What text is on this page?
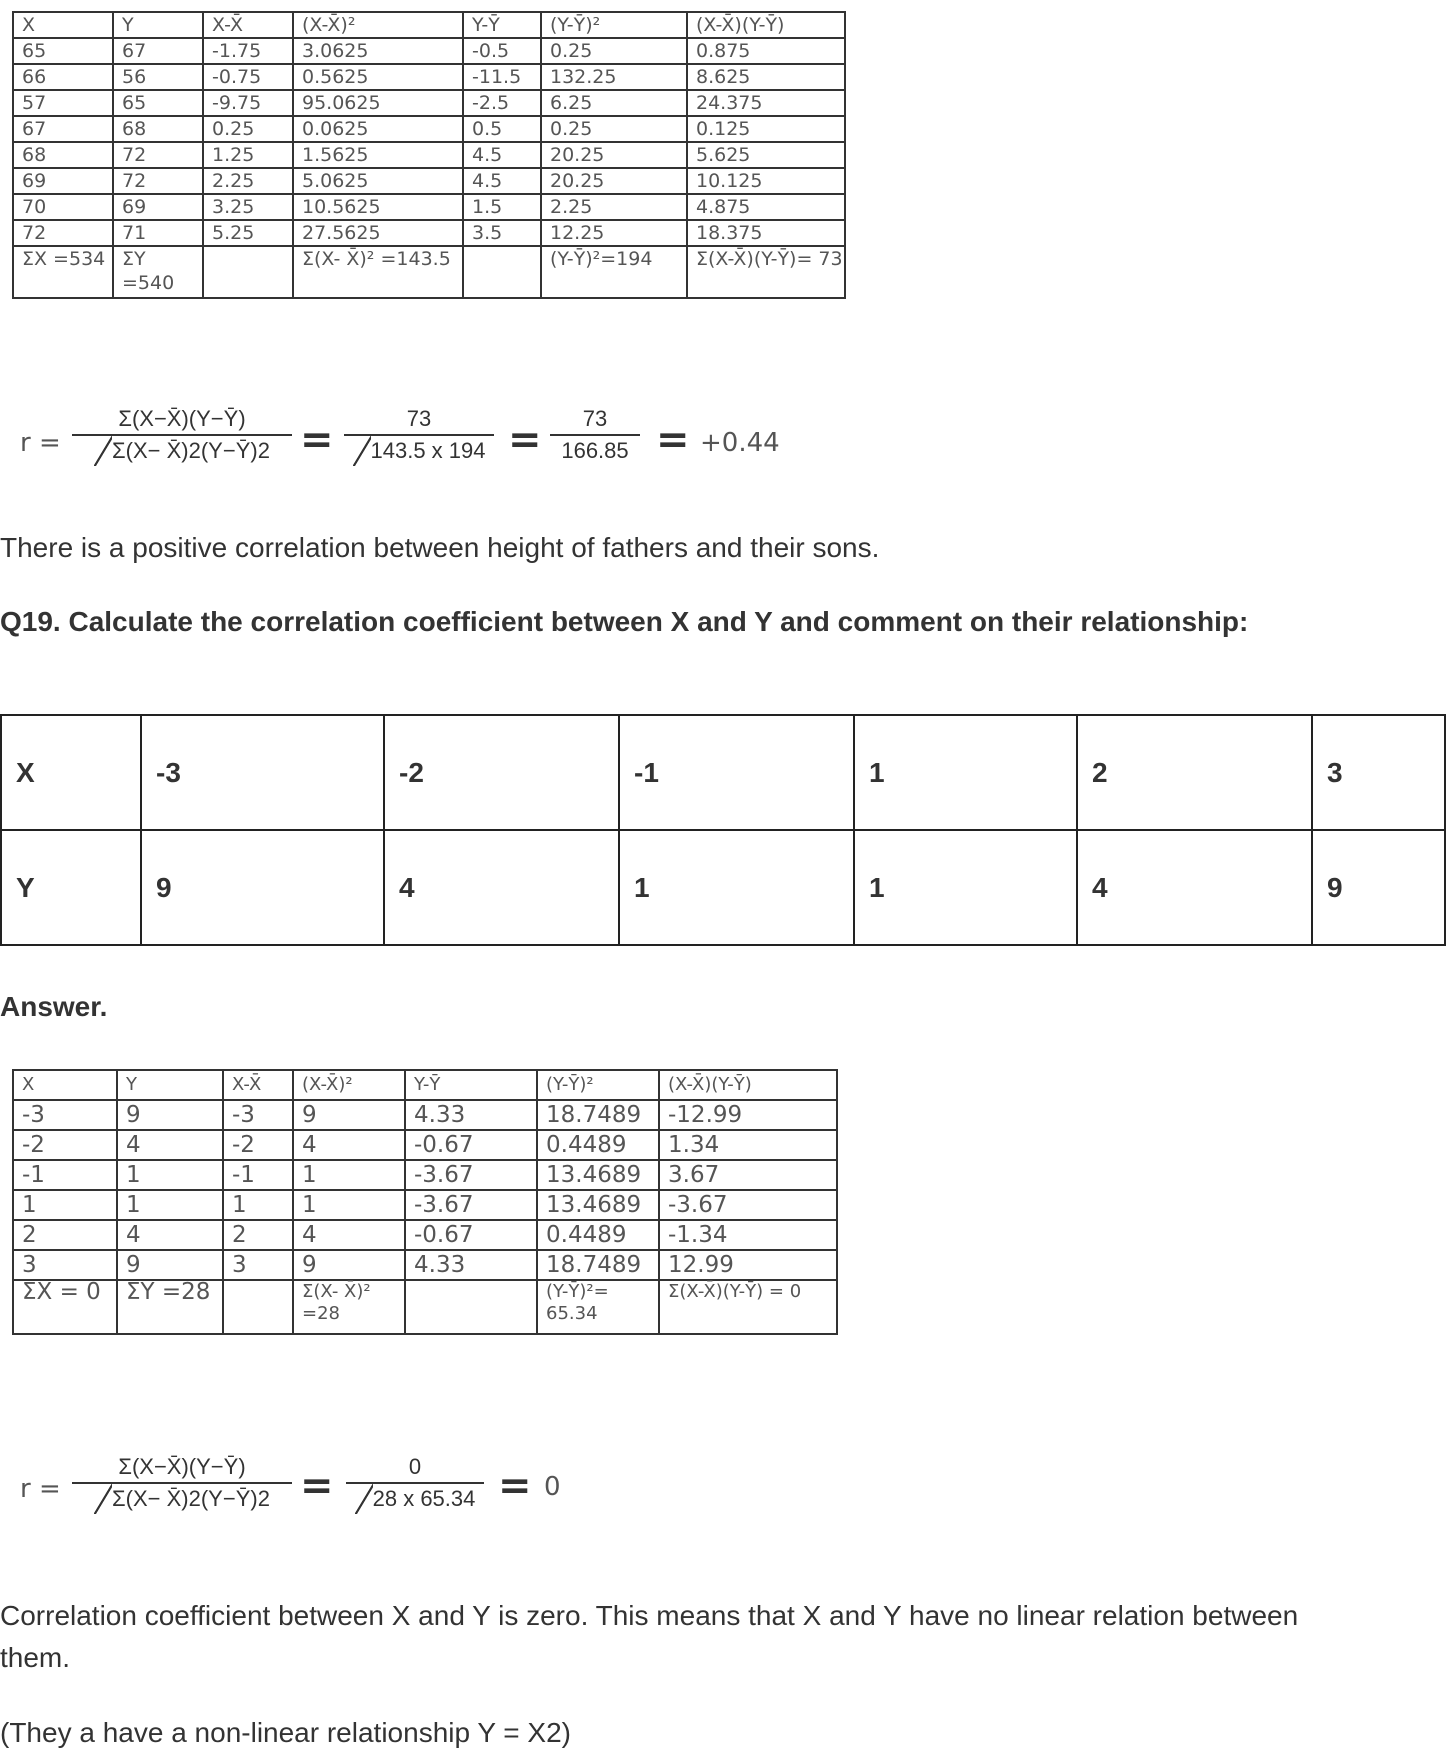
X	Y	X-X̄	(X-X̄)²	Y-Ȳ	(Y-Ȳ)²	(X-X̄)(Y-Ȳ)
65	67	-1.75	3.0625	-0.5	0.25	0.875
66	56	-0.75	0.5625	-11.5	132.25	8.625
57	65	-9.75	95.0625	-2.5	6.25	24.375
67	68	0.25	0.0625	0.5	0.25	0.125
68	72	1.25	1.5625	4.5	20.25	5.625
69	72	2.25	5.0625	4.5	20.25	10.125
70	69	3.25	10.5625	1.5	2.25	4.875
72	71	5.25	27.5625	3.5	12.25	18.375
ΣX =534	ΣY =540		Σ(X- X̄)² =143.5		(Y-Ȳ)²=194	Σ(X-X̄)(Y-Ȳ)= 73
r =
Σ(X−X̄)(Y−Ȳ)
Σ(X− X̄)2(Y−Ȳ)2 =	73
143.5 x 194 =	73
166.85 = +0.44
There is a positive correlation between height of fathers and their sons.
Q19. Calculate the correlation coefficient between X and Y and comment on their relationship:
X	-3	-2	-1	1	2	3
Y	9	4	1	1	4	9
Answer.
X	Y	X-X̄	(X-X̄)²	Y-Ȳ	(Y-Ȳ)²	(X-X̄)(Y-Ȳ)
-3	9	-3	9	4.33	18.7489	-12.99
-2	4	-2	4	-0.67	0.4489	1.34
-1	1	-1	1	-3.67	13.4689	3.67
1	1	1	1	-3.67	13.4689	-3.67
2	4	2	4	-0.67	0.4489	-1.34
3	9	3	9	4.33	18.7489	12.99
ΣX = 0	ΣY =28		Σ(X- X̄)² =28		(Y-Ȳ)²= 65.34	Σ(X-X̄)(Y-Ȳ) = 0
r =
Σ(X−X̄)(Y−Ȳ)
Σ(X− X̄)2(Y−Ȳ)2 =	0
28 x 65.34 = 0
Correlation coefficient between X and Y is zero. This means that X and Y have no linear relation between them.
(They a have a non-linear relationship Y = X2)
